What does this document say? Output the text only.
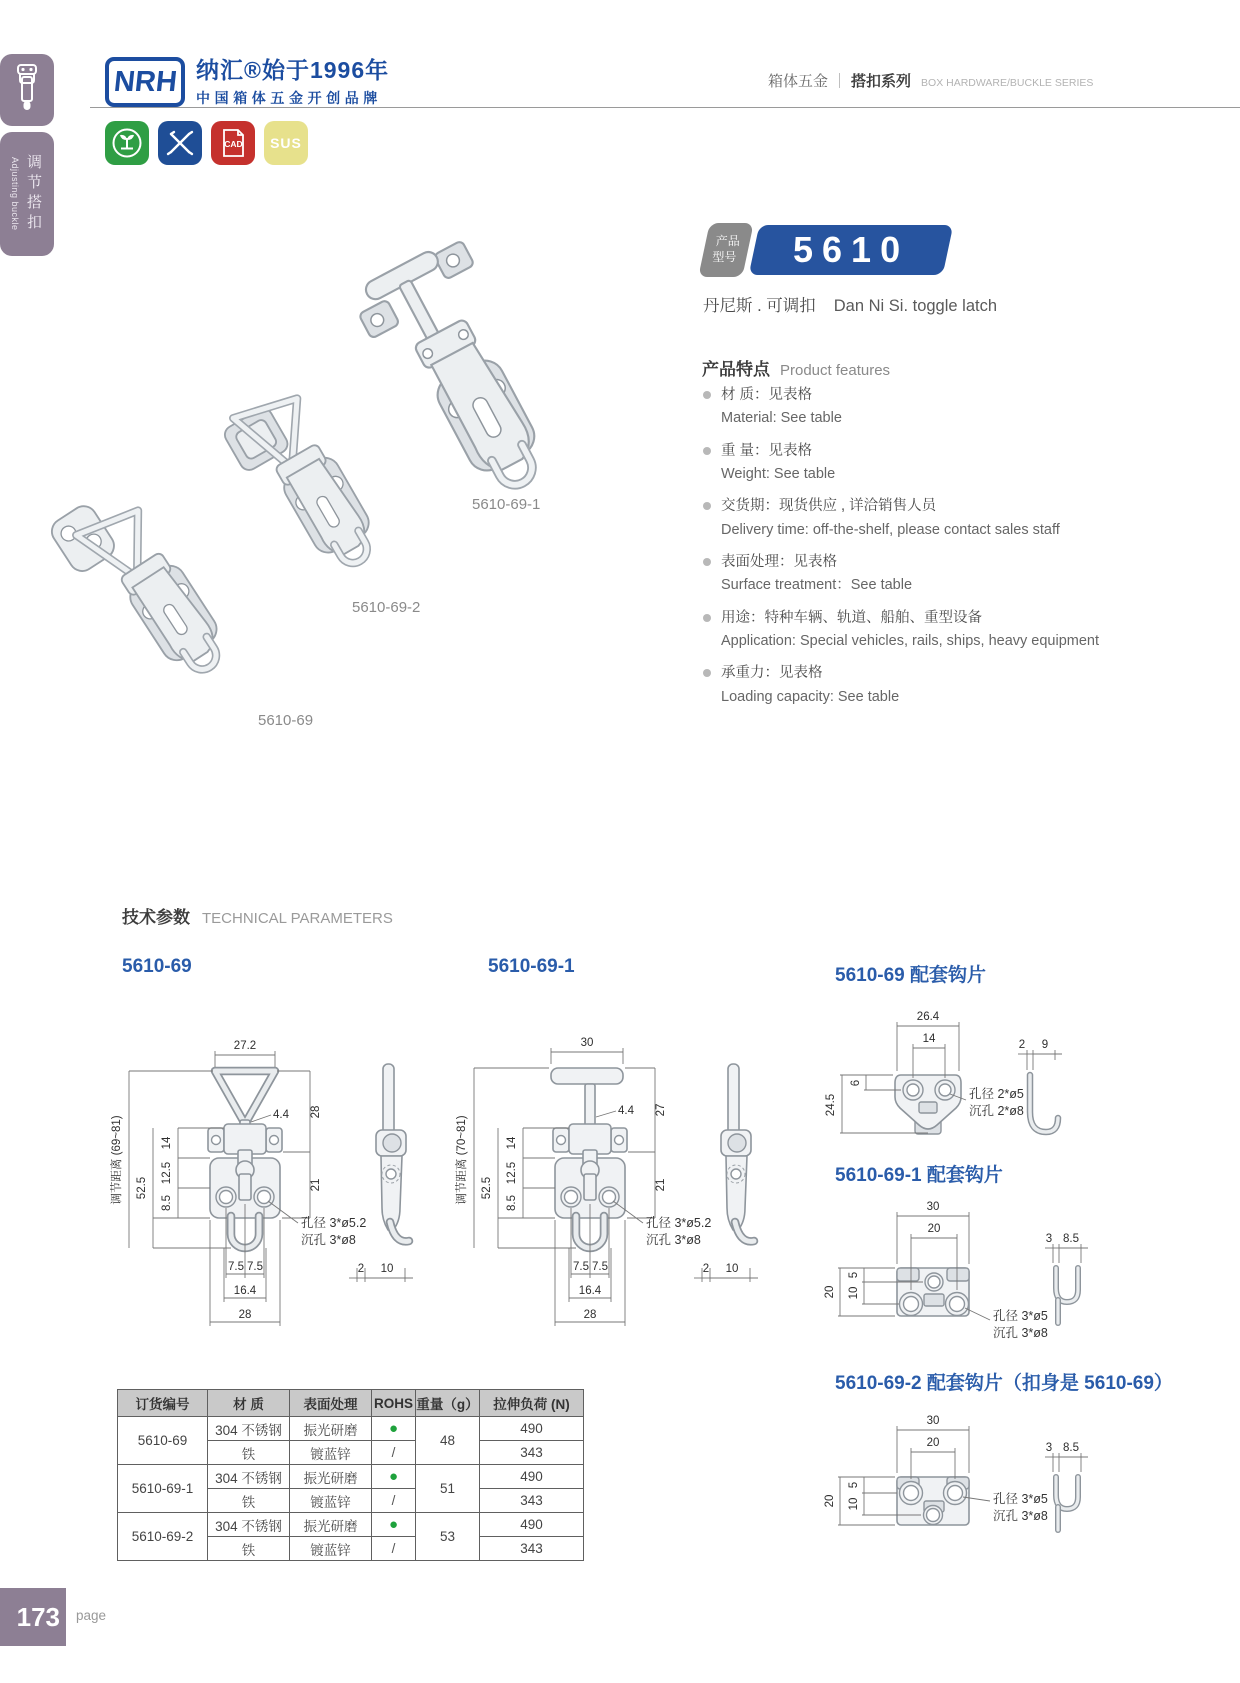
Adjusting buckle 调节搭扣
NRH 纳汇®始于1996年
中国箱体五金开创品牌
箱体五金 ｜ 搭扣系列 BOX HARDWARE/BUCKLE SERIES
CAD SUS
产品
型号 5610
丹尼斯 . 可调扣 Dan Ni Si. toggle latch
5610-69-1
5610-69-2
5610-69
产品特点 Product features
材 质：见表格
Material: See table
重 量：见表格
Weight: See table
交货期：现货供应 , 详洽销售人员
Delivery time: off-the-shelf, please contact sales staff
表面处理：见表格
Surface treatment：See table
用途：特种车辆、轨道、船舶、重型设备
Application: Special vehicles, rails, ships, heavy equipment
承重力：见表格
Loading capacity: See table
技术参数 TECHNICAL PARAMETERS
5610-69	5610-69-1	5610-69 配套钩片
5610-69-1 配套钩片
5610-69-2 配套钩片（扣身是 5610-69）
27.2
4.4 28
21
14
12.5
8.5
52.5
调节距离 (69~81)
7.5 7.5
16.4
28
孔径 3*ø5.2
沉孔 3*ø8
2 10
30
4.4 27
21
14
12.5
8.5
52.5
调节距离 (70~81)
7.5 7.5
16.4
28
孔径 3*ø5.2
沉孔 3*ø8
2 10
26.4
14
6
24.5	孔径 2*ø5
沉孔 2*ø8
2 9
30
20
5
10
20
孔径 3*ø5
沉孔 3*ø8
3 8.5
30
20
5
10
20	孔径 3*ø5
沉孔 3*ø8
3 8.5
订货编号	材 质	表面处理	ROHS	重量（g）	拉伸负荷 (N)
5610-69	304 不锈钢	振光研磨	●	48	490
	铁	镀蓝锌	/		343
5610-69-1	304 不锈钢	振光研磨	●	51	490
	铁	镀蓝锌	/		343
5610-69-2	304 不锈钢	振光研磨	●	53	490
	铁	镀蓝锌	/		343
173	page
